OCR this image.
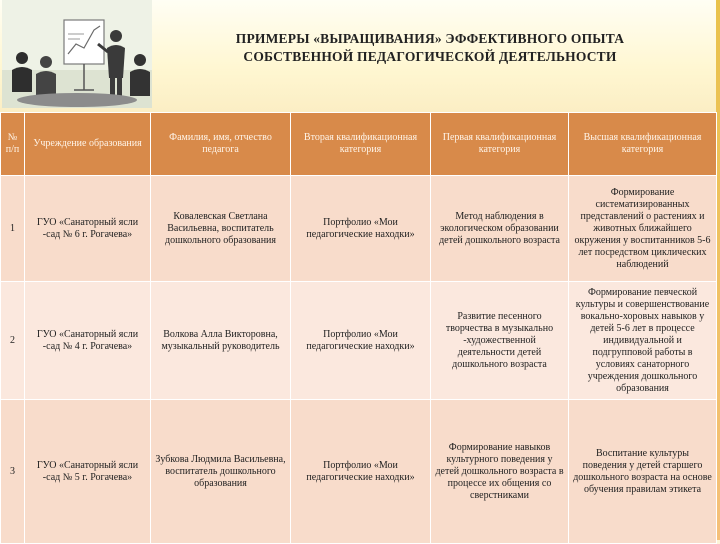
ПРИМЕРЫ «ВЫРАЩИВАНИЯ» ЭФФЕКТИВНОГО ОПЫТА
СОБСТВЕННОЙ ПЕДАГОГИЧЕСКОЙ ДЕЯТЕЛЬНОСТИ
№ п/п	Учреждение образования	Фамилия, имя, отчество педагога	Вторая квалификационная категория	Первая квалификационная категория	Высшая квалификационная категория
1	ГУО «Санаторный ясли -сад № 6 г. Рогачева»	Ковалевская Светлана Васильевна, воспитатель дошкольного образования	Портфолио «Мои педагогические находки»	Метод наблюдения в экологическом образовании детей дошкольного возраста	Формирование систематизированных представлений о растениях и животных ближайшего окружения у воспитанников 5-6 лет посредством циклических наблюдений
2	ГУО «Санаторный ясли -сад № 4 г. Рогачева»	Волкова Алла Викторовна, музыкальный руководитель	Портфолио «Мои педагогические находки»	Развитие песенного творчества в музыкально -художественной деятельности детей дошкольного возраста	Формирование певческой культуры и совершенствование вокально-хоровых навыков у детей 5-6 лет в процессе индивидуальной и подгрупповой работы в условиях санаторного учреждения дошкольного образования
3	ГУО «Санаторный ясли -сад № 5 г. Рогачева»	Зубкова Людмила Васильевна, воспитатель дошкольного образования	Портфолио «Мои педагогические находки»	Формирование навыков культурного поведения у детей дошкольного возраста в процессе их общения со сверстниками	Воспитание культуры поведения у детей старшего дошкольного возраста на основе обучения правилам этикета
